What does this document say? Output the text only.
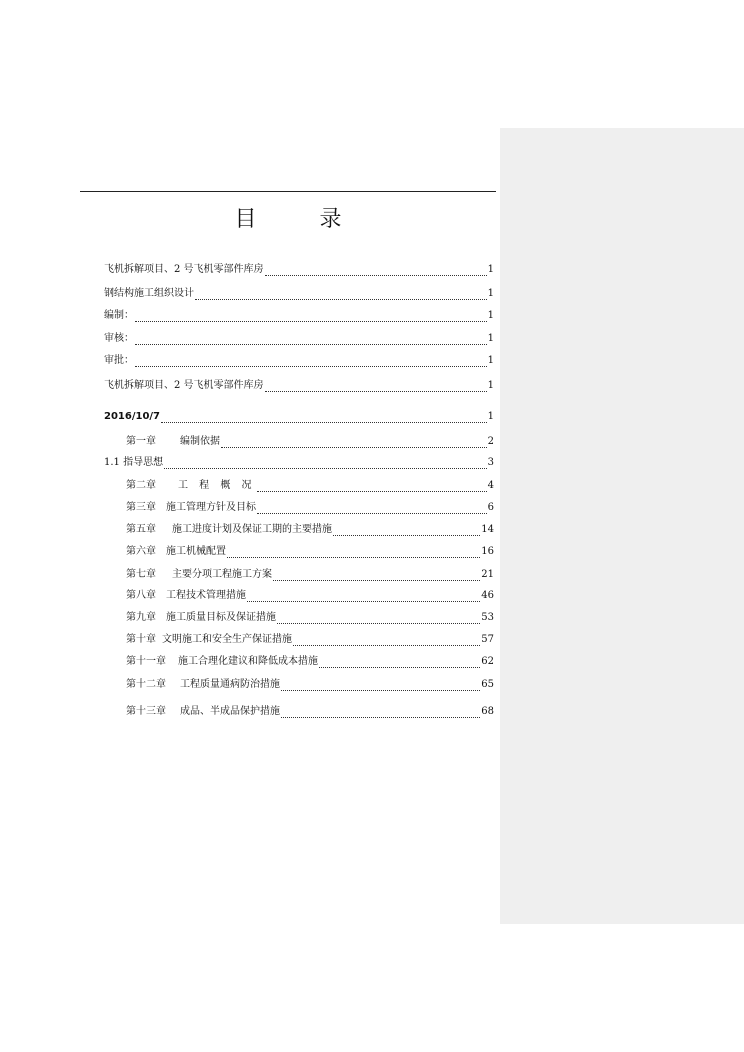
目 录
飞机拆解项目、2 号飞机零部件库房	1
钢结构施工组织设计	1
编制：	1
审核：	1
审批：	1
飞机拆解项目、2 号飞机零部件库房	1
2016/10/7	1
第一章 编制依据	2
1.1 指导思想	3
第二章 工 程 概 况	4
第三章 施工管理方针及目标	6
第五章 施工进度计划及保证工期的主要措施	14
第六章 施工机械配置	16
第七章 主要分项工程施工方案	21
第八章 工程技术管理措施	46
第九章 施工质量目标及保证措施	53
第十章 文明施工和安全生产保证措施	57
第十一章 施工合理化建议和降低成本措施	62
第十二章 工程质量通病防治措施	65
第十三章 成品、半成品保护措施	68
